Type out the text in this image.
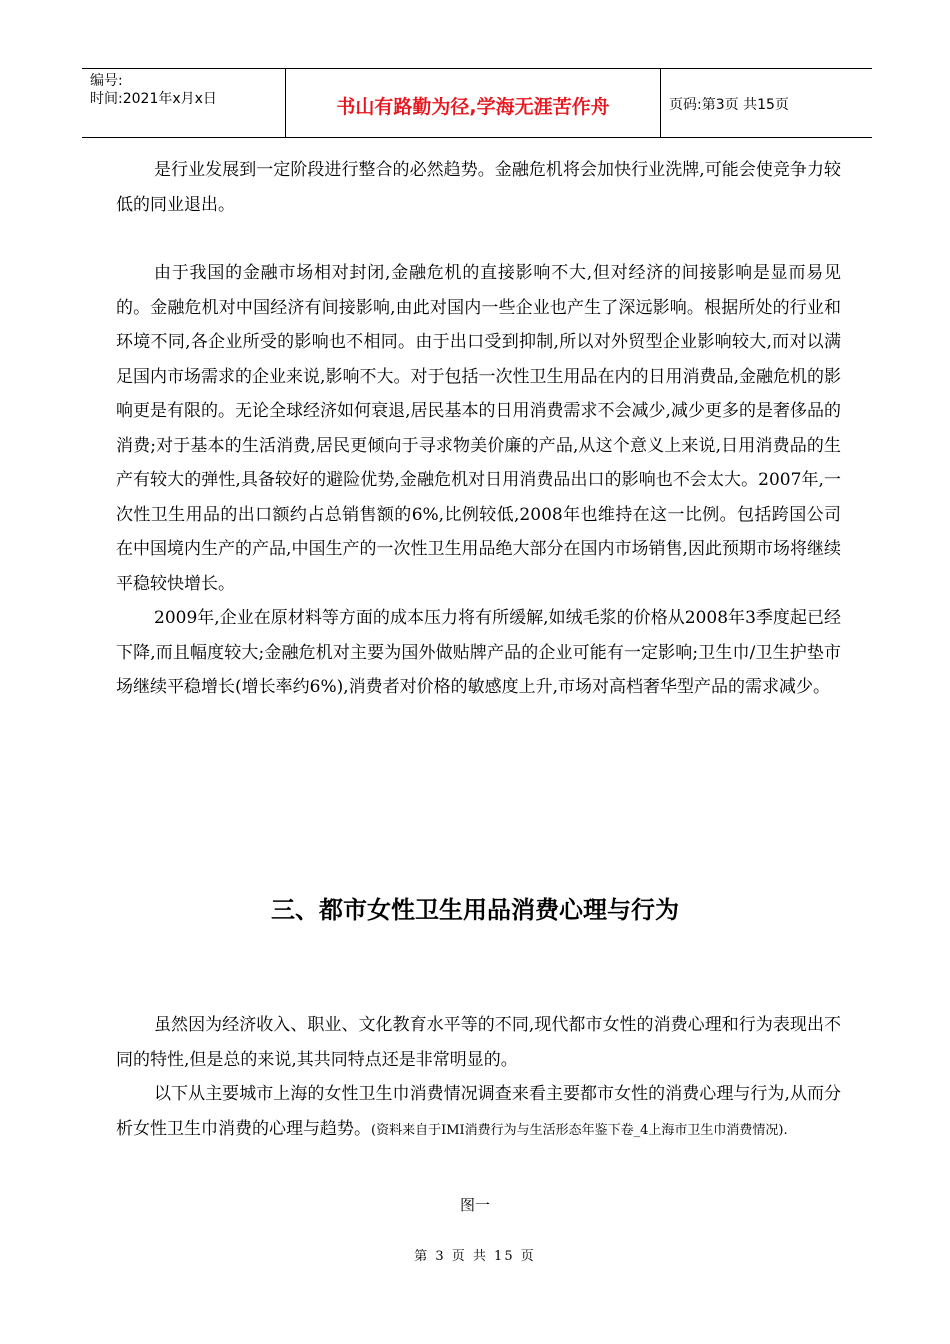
编号:
时间:2021年x月x日	书山有路勤为径,学海无涯苦作舟	页码:第3页 共15页

是行业发展到一定阶段进行整合的必然趋势。金融危机将会加快行业洗牌,可能会使竞争力较低的同业退出。

由于我国的金融市场相对封闭,金融危机的直接影响不大,但对经济的间接影响是显而易见的。金融危机对中国经济有间接影响,由此对国内一些企业也产生了深远影响。根据所处的行业和环境不同,各企业所受的影响也不相同。由于出口受到抑制,所以对外贸型企业影响较大,而对以满足国内市场需求的企业来说,影响不大。对于包括一次性卫生用品在内的日用消费品,金融危机的影响更是有限的。无论全球经济如何衰退,居民基本的日用消费需求不会减少,减少更多的是奢侈品的消费;对于基本的生活消费,居民更倾向于寻求物美价廉的产品,从这个意义上来说,日用消费品的生产有较大的弹性,具备较好的避险优势,金融危机对日用消费品出口的影响也不会太大。2007年,一次性卫生用品的出口额约占总销售额的6%,比例较低,2008年也维持在这一比例。包括跨国公司在中国境内生产的产品,中国生产的一次性卫生用品绝大部分在国内市场销售,因此预期市场将继续平稳较快增长。

2009年,企业在原材料等方面的成本压力将有所缓解,如绒毛浆的价格从2008年3季度起已经下降,而且幅度较大;金融危机对主要为国外做贴牌产品的企业可能有一定影响;卫生巾/卫生护垫市场继续平稳增长(增长率约6%),消费者对价格的敏感度上升,市场对高档奢华型产品的需求减少。

三、都市女性卫生用品消费心理与行为

虽然因为经济收入、职业、文化教育水平等的不同,现代都市女性的消费心理和行为表现出不同的特性,但是总的来说,其共同特点还是非常明显的。

以下从主要城市上海的女性卫生巾消费情况调查来看主要都市女性的消费心理与行为,从而分析女性卫生巾消费的心理与趋势。(资料来自于IMI消费行为与生活形态年鉴下卷_4上海市卫生巾消费情况).

图一
第 3 页 共 15 页
